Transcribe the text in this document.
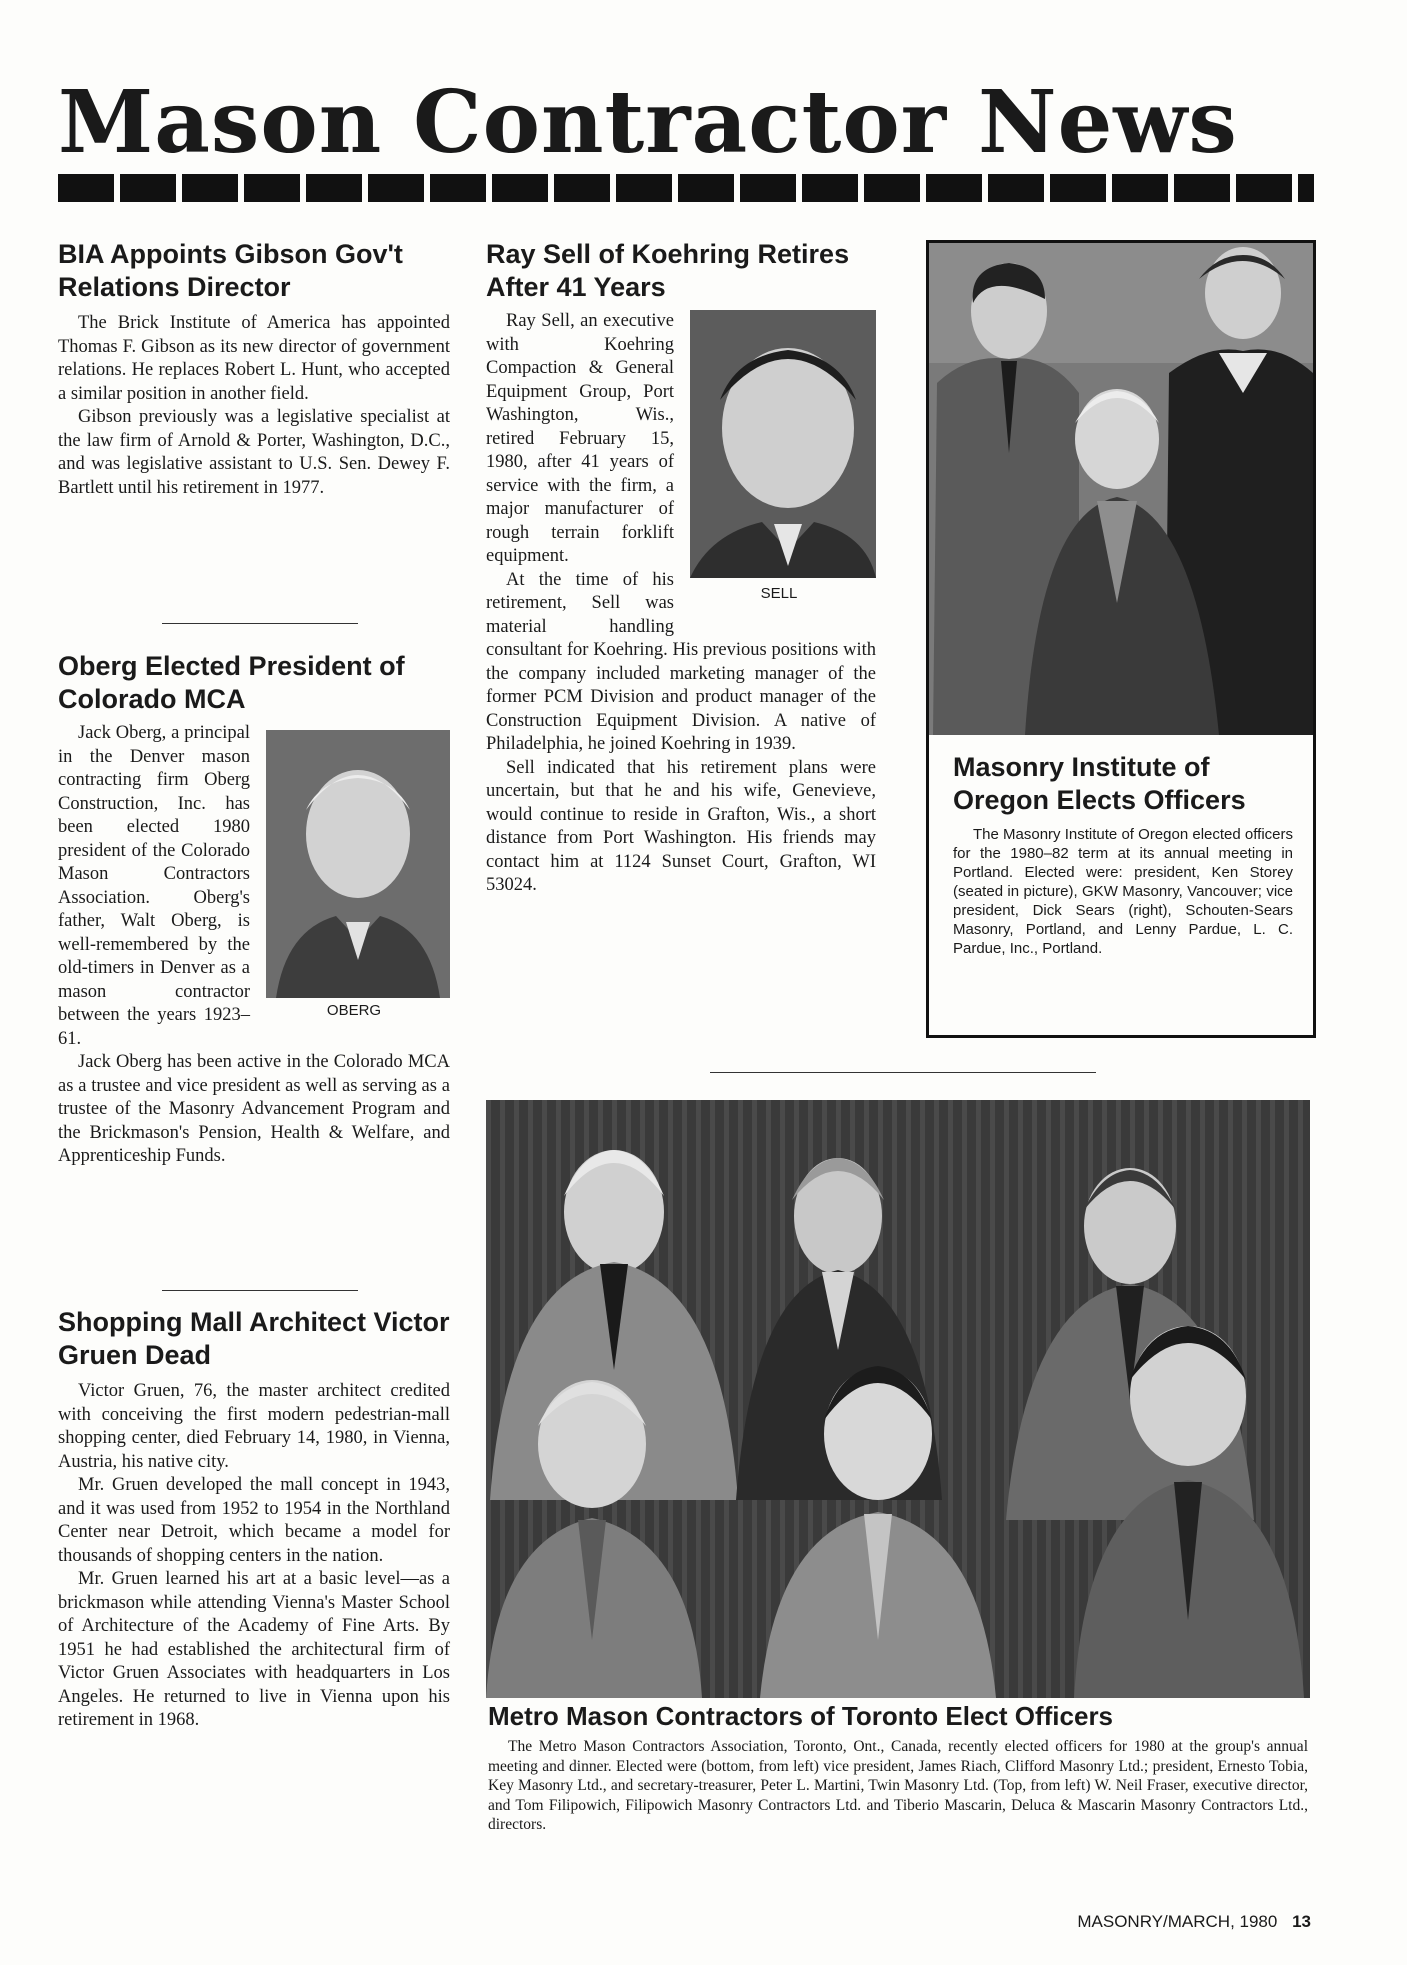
Mason Contractor News
BIA Appoints Gibson Gov't Relations Director

The Brick Institute of America has appointed Thomas F. Gibson as its new director of government relations. He replaces Robert L. Hunt, who accepted a similar position in another field.

Gibson previously was a legislative specialist at the law firm of Arnold & Porter, Washington, D.C., and was legislative assistant to U.S. Sen. Dewey F. Bartlett until his retirement in 1977.

Oberg Elected President of Colorado MCA
OBERG

Jack Oberg, a principal in the Denver mason contracting firm Oberg Construction, Inc. has been elected 1980 president of the Colorado Mason Contractors Association. Oberg's father, Walt Oberg, is well-remembered by the old-timers in Denver as a mason contractor between the years 1923–61.

Jack Oberg has been active in the Colorado MCA as a trustee and vice president as well as serving as a trustee of the Masonry Advancement Program and the Brickmason's Pension, Health & Welfare, and Apprenticeship Funds.

Shopping Mall Architect Victor Gruen Dead

Victor Gruen, 76, the master architect credited with conceiving the first modern pedestrian-mall shopping center, died February 14, 1980, in Vienna, Austria, his native city.

Mr. Gruen developed the mall concept in 1943, and it was used from 1952 to 1954 in the Northland Center near Detroit, which became a model for thousands of shopping centers in the nation.

Mr. Gruen learned his art at a basic level—as a brickmason while attending Vienna's Master School of Architecture of the Academy of Fine Arts. By 1951 he had established the architectural firm of Victor Gruen Associates with headquarters in Los Angeles. He returned to live in Vienna upon his retirement in 1968.

Ray Sell of Koehring Retires After 41 Years
SELL

Ray Sell, an executive with Koehring Compaction & General Equipment Group, Port Washington, Wis., retired February 15, 1980, after 41 years of service with the firm, a major manufacturer of rough terrain forklift equipment.

At the time of his retirement, Sell was material handling consultant for Koehring. His previous positions with the company included marketing manager of the former PCM Division and product manager of the Construction Equipment Division. A native of Philadelphia, he joined Koehring in 1939.

Sell indicated that his retirement plans were uncertain, but that he and his wife, Genevieve, would continue to reside in Grafton, Wis., a short distance from Port Washington. His friends may contact him at 1124 Sunset Court, Grafton, WI 53024.

Masonry Institute of Oregon Elects Officers

The Masonry Institute of Oregon elected officers for the 1980–82 term at its annual meeting in Portland. Elected were: president, Ken Storey (seated in picture), GKW Masonry, Vancouver; vice president, Dick Sears (right), Schouten-Sears Masonry, Portland, and Lenny Pardue, L. C. Pardue, Inc., Portland.

Metro Mason Contractors of Toronto Elect Officers

The Metro Mason Contractors Association, Toronto, Ont., Canada, recently elected officers for 1980 at the group's annual meeting and dinner. Elected were (bottom, from left) vice president, James Riach, Clifford Masonry Ltd.; president, Ernesto Tobia, Key Masonry Ltd., and secretary-treasurer, Peter L. Martini, Twin Masonry Ltd. (Top, from left) W. Neil Fraser, executive director, and Tom Filipowich, Filipowich Masonry Contractors Ltd. and Tiberio Mascarin, Deluca & Mascarin Masonry Contractors Ltd., directors.

MASONRY/MARCH, 1980 13
